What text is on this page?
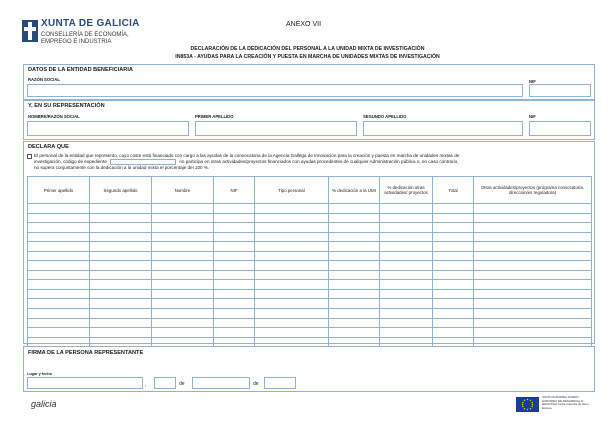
XUNTA DE GALICIA
CONSELLERÍA DE ECONOMÍA,
EMPREGO E INDUSTRIA
ANEXO VII
DECLARACIÓN DE LA DEDICACIÓN DEL PERSONAL A LA UNIDAD MIXTA DE INVESTIGACIÓN
IN853A - AYUDAS PARA LA CREACIÓN Y PUESTA EN MARCHA DE UNIDADES MIXTAS DE INVESTIGACIÓN
DATOS DE LA ENTIDAD BENEFICIARIA
RAZÓN SOCIAL	NIF
Y, EN SU REPRESENTACIÓN
NOMBRE/RAZÓN SOCIAL	PRIMER APELLIDO	SEGUNDO APELLIDO	NIF
DECLARA QUE
El personal de la entidad que represento, cuyo coste está financiado con cargo a las ayudas de la convocatoria de la Agencia Gallega de Innovación para la creación y puesta en marcha de unidades mixtas de
investigación, código de expediente	no participa en otras actividades/proyectos financiados con ayudas procedentes de cualquier Administración pública o, en caso contrario,
no supera conjuntamente con la dedicación a la unidad mixta el porcentaje del 100 %.
Primer apellido	Segundo apellido	Nombre	NIF	Tipo personal	% dedicación a la UMI	% dedicación otras actividades/ proyectos	Total	Otras actividades/proyectos (programa convocatoria, dirección/es reguladora)

FIRMA DE LA PERSONA REPRESENTANTE
Lugar y fecha
,	de	de
galicia
UNIÓN EUROPEA FONDO EUROPEO DE DESARROLLO REGIONAL Unha maneira de facer Europa
